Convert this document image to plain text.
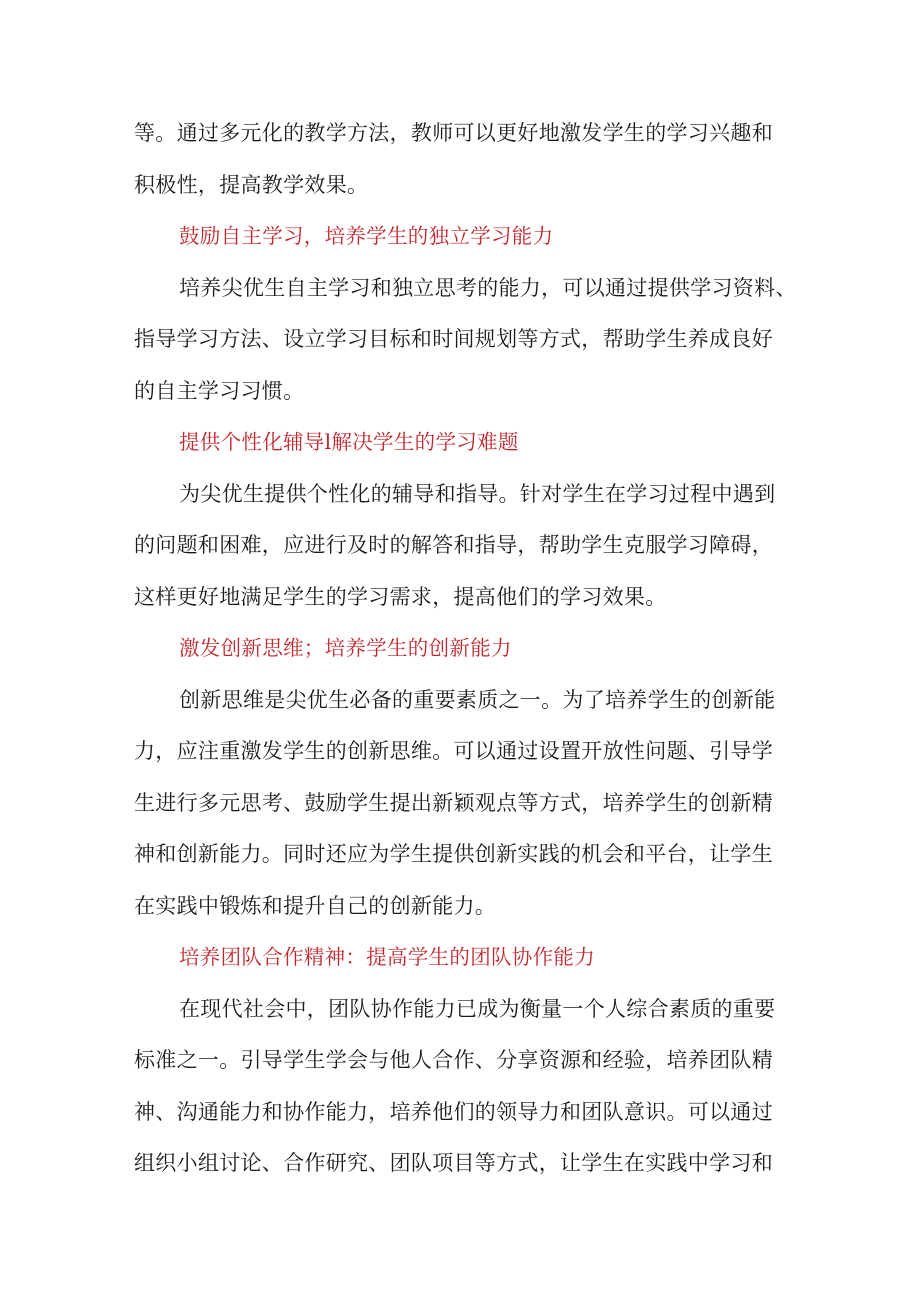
等。通过多元化的教学方法，教师可以更好地激发学生的学习兴趣和
积极性，提高教学效果。
鼓励自主学习，培养学生的独立学习能力
培养尖优生自主学习和独立思考的能力，可以通过提供学习资料、
指导学习方法、设立学习目标和时间规划等方式，帮助学生养成良好
的自主学习习惯。
提供个性化辅导l解决学生的学习难题
为尖优生提供个性化的辅导和指导。针对学生在学习过程中遇到
的问题和困难，应进行及时的解答和指导，帮助学生克服学习障碍，
这样更好地满足学生的学习需求，提高他们的学习效果。
激发创新思维；培养学生的创新能力
创新思维是尖优生必备的重要素质之一。为了培养学生的创新能
力，应注重激发学生的创新思维。可以通过设置开放性问题、引导学
生进行多元思考、鼓励学生提出新颖观点等方式，培养学生的创新精
神和创新能力。同时还应为学生提供创新实践的机会和平台，让学生
在实践中锻炼和提升自己的创新能力。
培养团队合作精神：提高学生的团队协作能力
在现代社会中，团队协作能力已成为衡量一个人综合素质的重要
标准之一。引导学生学会与他人合作、分享资源和经验，培养团队精
神、沟通能力和协作能力，培养他们的领导力和团队意识。可以通过
组织小组讨论、合作研究、团队项目等方式，让学生在实践中学习和
